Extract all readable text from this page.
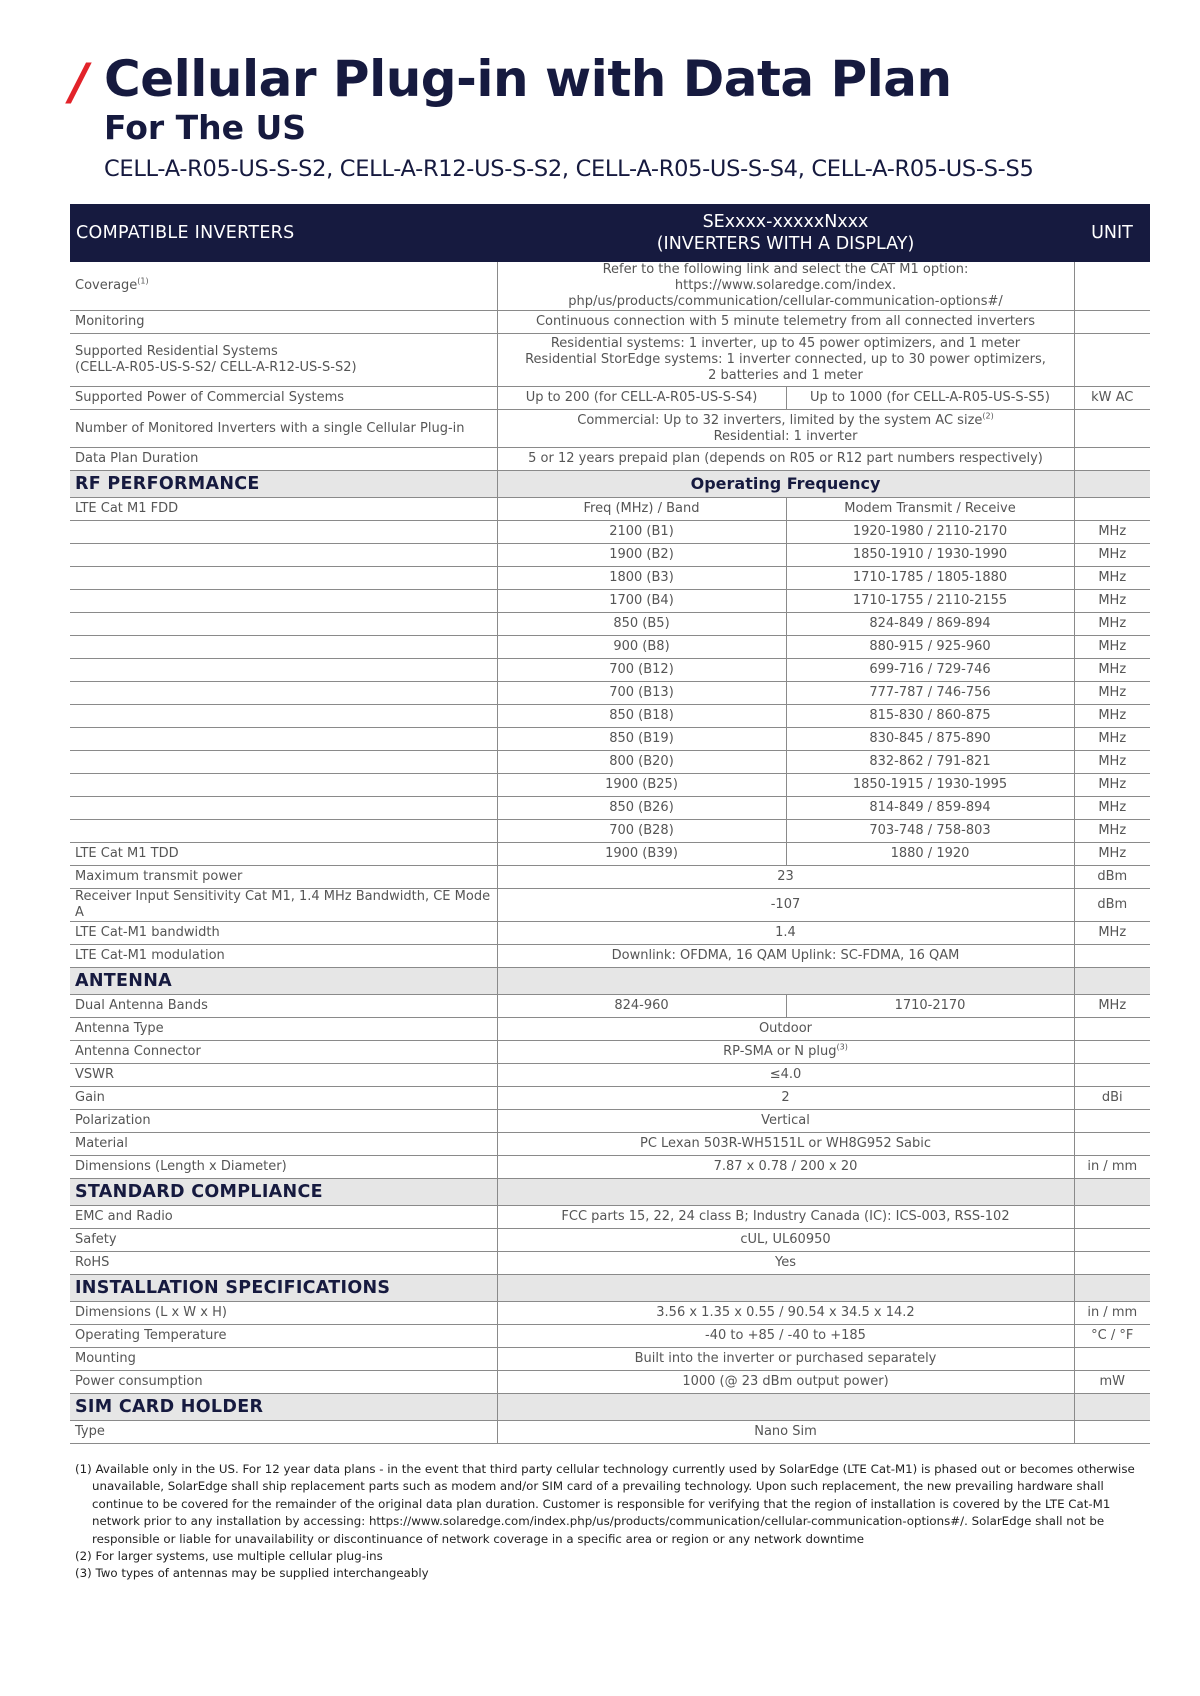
/ Cellular Plug-in with Data Plan
For The US
CELL-A-R05-US-S-S2, CELL-A-R12-US-S-S2, CELL-A-R05-US-S-S4, CELL-A-R05-US-S-S5
COMPATIBLE INVERTERS	SExxxx-xxxxxNxxx
(INVERTERS WITH A DISPLAY)		UNIT
Coverage$^{(1)}$	Refer to the following link and select the CAT M1 option: https://www.solaredge.com/index.
php/us/products/communication/cellular-communication-options#/		
Monitoring	Continuous connection with 5 minute telemetry from all connected inverters		
Supported Residential Systems
(CELL-A-R05-US-S-S2/ CELL-A-R12-US-S-S2)	Residential systems: 1 inverter, up to 45 power optimizers, and 1 meter
Residential StorEdge systems: 1 inverter connected, up to 30 power optimizers,
2 batteries and 1 meter		
Supported Power of Commercial Systems	Up to 200 (for CELL-A-R05-US-S-S4)	Up to 1000 (for CELL-A-R05-US-S-S5)	kW AC
Number of Monitored Inverters with a single Cellular Plug-in	Commercial: Up to 32 inverters, limited by the system AC size$^{(2)}$
Residential: 1 inverter		
Data Plan Duration	5 or 12 years prepaid plan (depends on R05 or R12 part numbers respectively)		
RF PERFORMANCE	Operating Frequency		
LTE Cat M1 FDD	Freq (MHz) / Band	Modem Transmit / Receive	
	2100 (B1)	1920-1980 / 2110-2170	MHz
	1900 (B2)	1850-1910 / 1930-1990	MHz
	1800 (B3)	1710-1785 / 1805-1880	MHz
	1700 (B4)	1710-1755 / 2110-2155	MHz
	850 (B5)	824-849 / 869-894	MHz
	900 (B8)	880-915 / 925-960	MHz
	700 (B12)	699-716 / 729-746	MHz
	700 (B13)	777-787 / 746-756	MHz
	850 (B18)	815-830 / 860-875	MHz
	850 (B19)	830-845 / 875-890	MHz
	800 (B20)	832-862 / 791-821	MHz
	1900 (B25)	1850-1915 / 1930-1995	MHz
	850 (B26)	814-849 / 859-894	MHz
	700 (B28)	703-748 / 758-803	MHz
LTE Cat M1 TDD	1900 (B39)	1880 / 1920	MHz
Maximum transmit power	23		dBm
Receiver Input Sensitivity Cat M1, 1.4 MHz Bandwidth, CE Mode A	-107		dBm
LTE Cat-M1 bandwidth	1.4		MHz
LTE Cat-M1 modulation	Downlink: OFDMA, 16 QAM Uplink: SC-FDMA, 16 QAM		
ANTENNA			
Dual Antenna Bands	824-960	1710-2170	MHz
Antenna Type	Outdoor		
Antenna Connector	RP-SMA or N plug$^{(3)}$	
VSWR	≤4.0		
Gain	2		dBi
Polarization	Vertical		
Material	PC Lexan 503R-WH5151L or WH8G952 Sabic		
Dimensions (Length x Diameter)	7.87 x 0.78 / 200 x 20		in / mm
STANDARD COMPLIANCE			
EMC and Radio	FCC parts 15, 22, 24 class B; Industry Canada (IC): ICS-003, RSS-102		
Safety	cUL, UL60950		
RoHS	Yes		
INSTALLATION SPECIFICATIONS			
Dimensions (L x W x H)	3.56 x 1.35 x 0.55 / 90.54 x 34.5 x 14.2		in / mm
Operating Temperature	-40 to +85 / -40 to +185		°C / °F
Mounting	Built into the inverter or purchased separately		
Power consumption	1000 (@ 23 dBm output power)		mW
SIM CARD HOLDER			
Type	Nano Sim		

(1) Available only in the US. For 12 year data plans - in the event that third party cellular technology currently used by SolarEdge (LTE Cat-M1) is phased out or becomes otherwise unavailable, SolarEdge shall ship replacement parts such as modem and/or SIM card of a prevailing technology. Upon such replacement, the new prevailing hardware shall continue to be covered for the remainder of the original data plan duration. Customer is responsible for verifying that the region of installation is covered by the LTE Cat-M1 network prior to any installation by accessing: https://www.solaredge.com/index.php/us/products/communication/cellular-communication-options#/. SolarEdge shall not be responsible or liable for unavailability or discontinuance of network coverage in a specific area or region or any network downtime

(2) For larger systems, use multiple cellular plug-ins

(3) Two types of antennas may be supplied interchangeably
